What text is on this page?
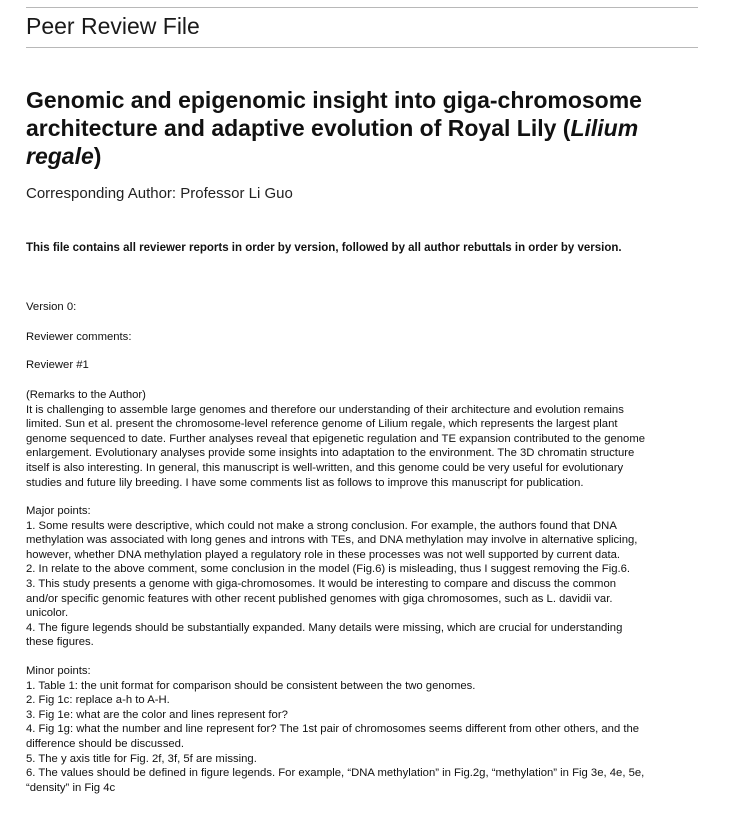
Peer Review File
Genomic and epigenomic insight into giga-chromosome architecture and adaptive evolution of Royal Lily (Lilium regale)
Corresponding Author: Professor Li Guo
This file contains all reviewer reports in order by version, followed by all author rebuttals in order by version.

Version 0:

Reviewer comments:

Reviewer #1

(Remarks to the Author)

It is challenging to assemble large genomes and therefore our understanding of their architecture and evolution remains

limited. Sun et al. present the chromosome-level reference genome of Lilium regale, which represents the largest plant

genome sequenced to date. Further analyses reveal that epigenetic regulation and TE expansion contributed to the genome

enlargement. Evolutionary analyses provide some insights into adaptation to the environment. The 3D chromatin structure

itself is also interesting. In general, this manuscript is well-written, and this genome could be very useful for evolutionary

studies and future lily breeding. I have some comments list as follows to improve this manuscript for publication.

Major points:

1. Some results were descriptive, which could not make a strong conclusion. For example, the authors found that DNA

methylation was associated with long genes and introns with TEs, and DNA methylation may involve in alternative splicing,

however, whether DNA methylation played a regulatory role in these processes was not well supported by current data.

2. In relate to the above comment, some conclusion in the model (Fig.6) is misleading, thus I suggest removing the Fig.6.

3. This study presents a genome with giga-chromosomes. It would be interesting to compare and discuss the common

and/or specific genomic features with other recent published genomes with giga chromosomes, such as L. davidii var.

unicolor.

4. The figure legends should be substantially expanded. Many details were missing, which are crucial for understanding

these figures.

Minor points:

1. Table 1: the unit format for comparison should be consistent between the two genomes.

2. Fig 1c: replace a-h to A-H.

3. Fig 1e: what are the color and lines represent for?

4. Fig 1g: what the number and line represent for? The 1st pair of chromosomes seems different from other others, and the

difference should be discussed.

5. The y axis title for Fig. 2f, 3f, 5f are missing.

6. The values should be defined in figure legends. For example, “DNA methylation” in Fig.2g, “methylation” in Fig 3e, 4e, 5e,

“density” in Fig 4c
